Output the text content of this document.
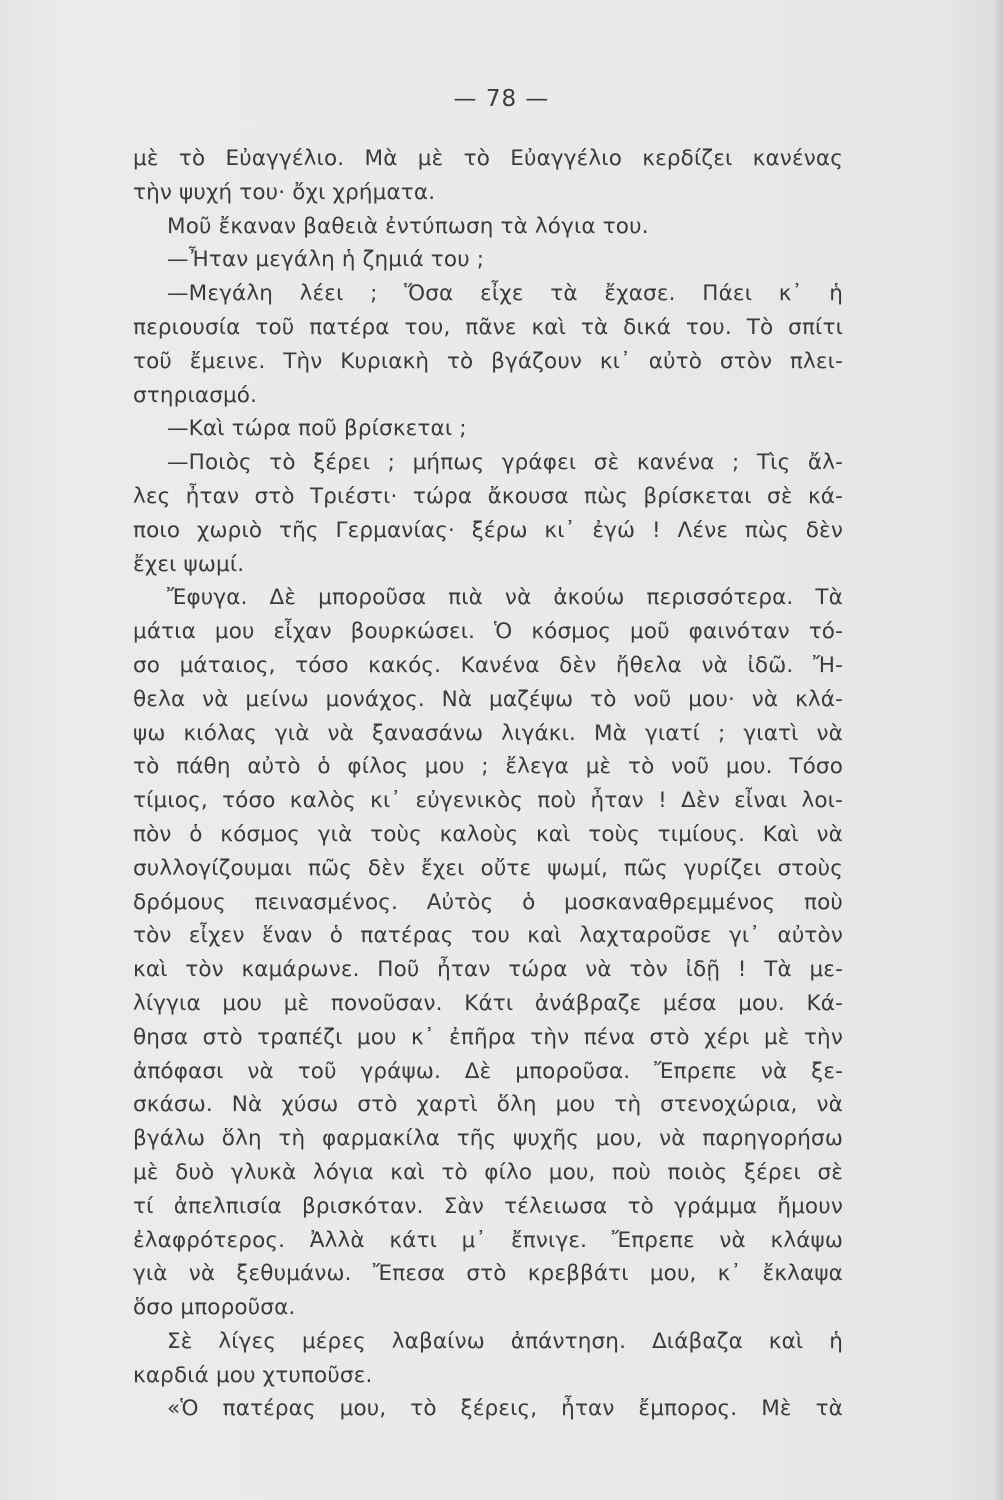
— 78 —
μὲ τὸ Εὐαγγέλιο. Μὰ μὲ τὸ Εὐαγγέλιο κερδίζει κανένας
τὴν ψυχή του· ὄχι χρήματα.
Μοῦ ἔκαναν βαθειὰ ἐντύπωση τὰ λόγια του.
—Ἦταν μεγάλη ἡ ζημιά του ;
—Μεγάλη λέει ; Ὅσα εἶχε τὰ ἔχασε. Πάει κ᾿ ἡ
περιουσία τοῦ πατέρα του, πᾶνε καὶ τὰ δικά του. Τὸ σπίτι
τοῦ ἔμεινε. Τὴν Κυριακὴ τὸ βγάζουν κι᾿ αὐτὸ στὸν πλει-
στηριασμό.
—Καὶ τώρα ποῦ βρίσκεται ;
—Ποιὸς τὸ ξέρει ; μήπως γράφει σὲ κανένα ; Τὶς ἄλ-
λες ἦταν στὸ Τριέστι· τώρα ἄκουσα πὼς βρίσκεται σὲ κά-
ποιο χωριὸ τῆς Γερμανίας· ξέρω κι᾿ ἐγώ ! Λένε πὼς δὲν
ἔχει ψωμί.
Ἔφυγα. Δὲ μποροῦσα πιὰ νὰ ἀκούω περισσότερα. Τὰ
μάτια μου εἶχαν βουρκώσει. Ὁ κόσμος μοῦ φαινόταν τό-
σο μάταιος, τόσο κακός. Κανένα δὲν ἤθελα νὰ ἰδῶ. Ἤ-
θελα νὰ μείνω μονάχος. Νὰ μαζέψω τὸ νοῦ μου· νὰ κλά-
ψω κιόλας γιὰ νὰ ξανασάνω λιγάκι. Μὰ γιατί ; γιατὶ νὰ
τὸ πάθη αὐτὸ ὁ φίλος μου ; ἔλεγα μὲ τὸ νοῦ μου. Τόσο
τίμιος, τόσο καλὸς κι᾿ εὐγενικὸς ποὺ ἦταν ! Δὲν εἶναι λοι-
πὸν ὁ κόσμος γιὰ τοὺς καλοὺς καὶ τοὺς τιμίους. Καὶ νὰ
συλλογίζουμαι πῶς δὲν ἔχει οὔτε ψωμί, πῶς γυρίζει στοὺς
δρόμους πεινασμένος. Αὐτὸς ὁ μοσκαναθρεμμένος ποὺ
τὸν εἶχεν ἕναν ὁ πατέρας του καὶ λαχταροῦσε γι᾿ αὐτὸν
καὶ τὸν καμάρωνε. Ποῦ ἦταν τώρα νὰ τὸν ἰδῇ ! Τὰ με-
λίγγια μου μὲ πονοῦσαν. Κάτι ἀνάβραζε μέσα μου. Κά-
θησα στὸ τραπέζι μου κ᾿ ἐπῆρα τὴν πένα στὸ χέρι μὲ τὴν
ἀπόφασι νὰ τοῦ γράψω. Δὲ μποροῦσα. Ἔπρεπε νὰ ξε-
σκάσω. Νὰ χύσω στὸ χαρτὶ ὅλη μου τὴ στενοχώρια, νὰ
βγάλω ὅλη τὴ φαρμακίλα τῆς ψυχῆς μου, νὰ παρηγορήσω
μὲ δυὸ γλυκὰ λόγια καὶ τὸ φίλο μου, ποὺ ποιὸς ξέρει σὲ
τί ἀπελπισία βρισκόταν. Σὰν τέλειωσα τὸ γράμμα ἤμουν
ἐλαφρότερος. Ἀλλὰ κάτι μ᾿ ἔπνιγε. Ἔπρεπε νὰ κλάψω
γιὰ νὰ ξεθυμάνω. Ἔπεσα στὸ κρεββάτι μου, κ᾿ ἔκλαψα
ὅσο μποροῦσα.
Σὲ λίγες μέρες λαβαίνω ἀπάντηση. Διάβαζα καὶ ἡ
καρδιά μου χτυποῦσε.
«Ὁ πατέρας μου, τὸ ξέρεις, ἦταν ἔμπορος. Μὲ τὰ
